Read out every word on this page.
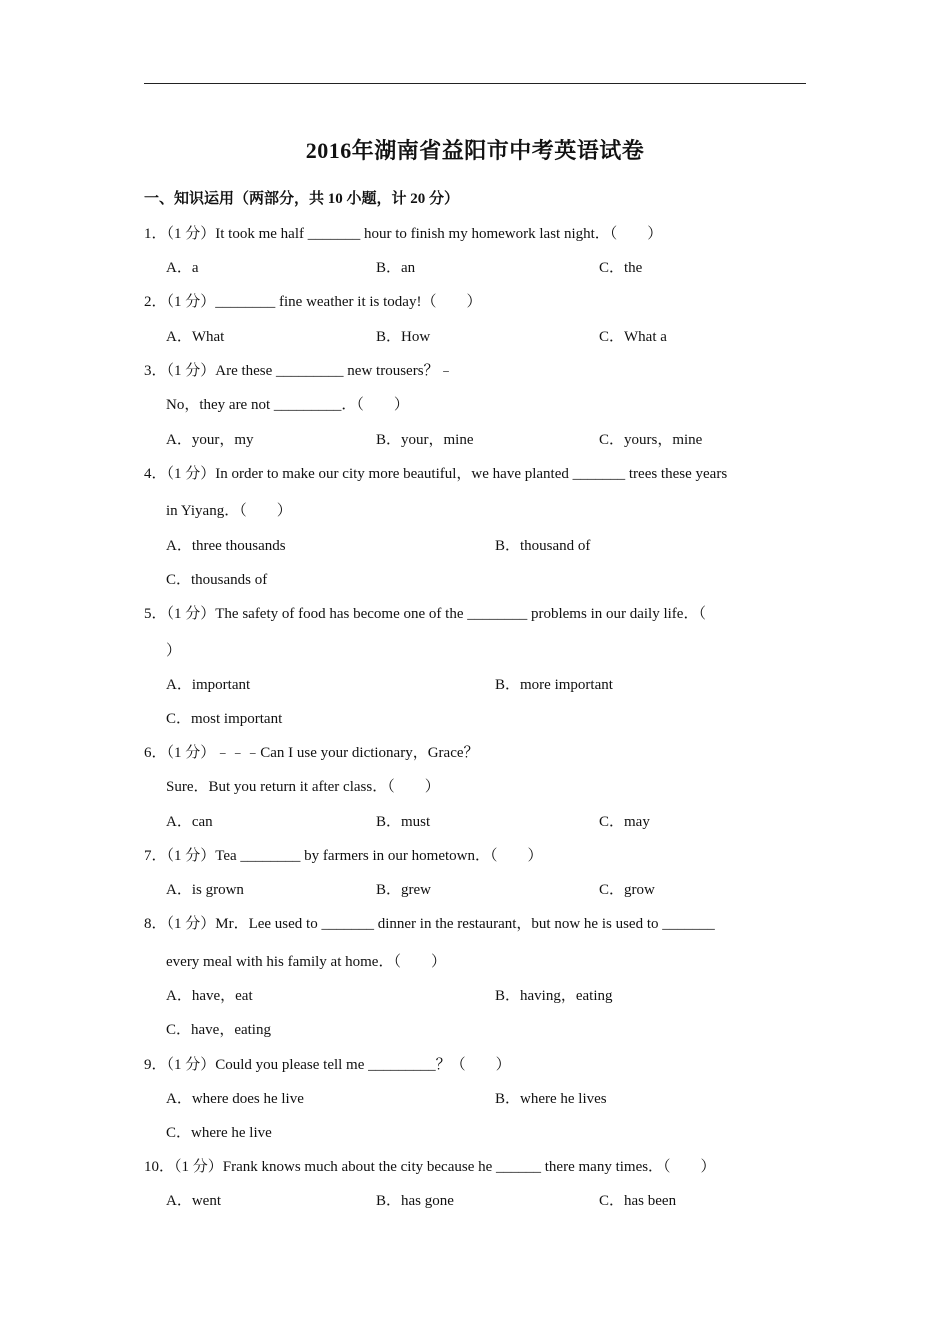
2016年湖南省益阳市中考英语试卷
一、知识运用（两部分，共 10 小题，计 20 分）
1．（1 分）It took me half _______ hour to finish my homework last night．（　　）
A．a	B．an	C．the
2．（1 分）________ fine weather it is today!（　　）
A．What	B．How	C．What a
3．（1 分）Are these _________ new trousers？﹣
No，they are not _________．（　　）
A．your，my	B．your，mine	C．yours，mine
4．（1 分）In order to make our city more beautiful，we have planted _______ trees these years
in Yiyang．（　　）
A．three thousands	B．thousand of
C．thousands of
5．（1 分）The safety of food has become one of the ________ problems in our daily life．（
）
A．important	B．more important
C．most important
6．（1 分）﹣﹣﹣Can I use your dictionary，Grace？
Sure．But you return it after class．（　　）
A．can	B．must	C．may
7．（1 分）Tea ________ by farmers in our hometown．（　　）
A．is grown	B．grew	C．grow
8．（1 分）Mr．Lee used to _______ dinner in the restaurant，but now he is used to _______
every meal with his family at home．（　　）
A．have，eat	B．having，eating
C．have，eating
9．（1 分）Could you please tell me _________？（　　）
A．where does he live	B．where he lives
C．where he live
10．（1 分）Frank knows much about the city because he ______ there many times．（　　）
A．went	B．has gone	C．has been
